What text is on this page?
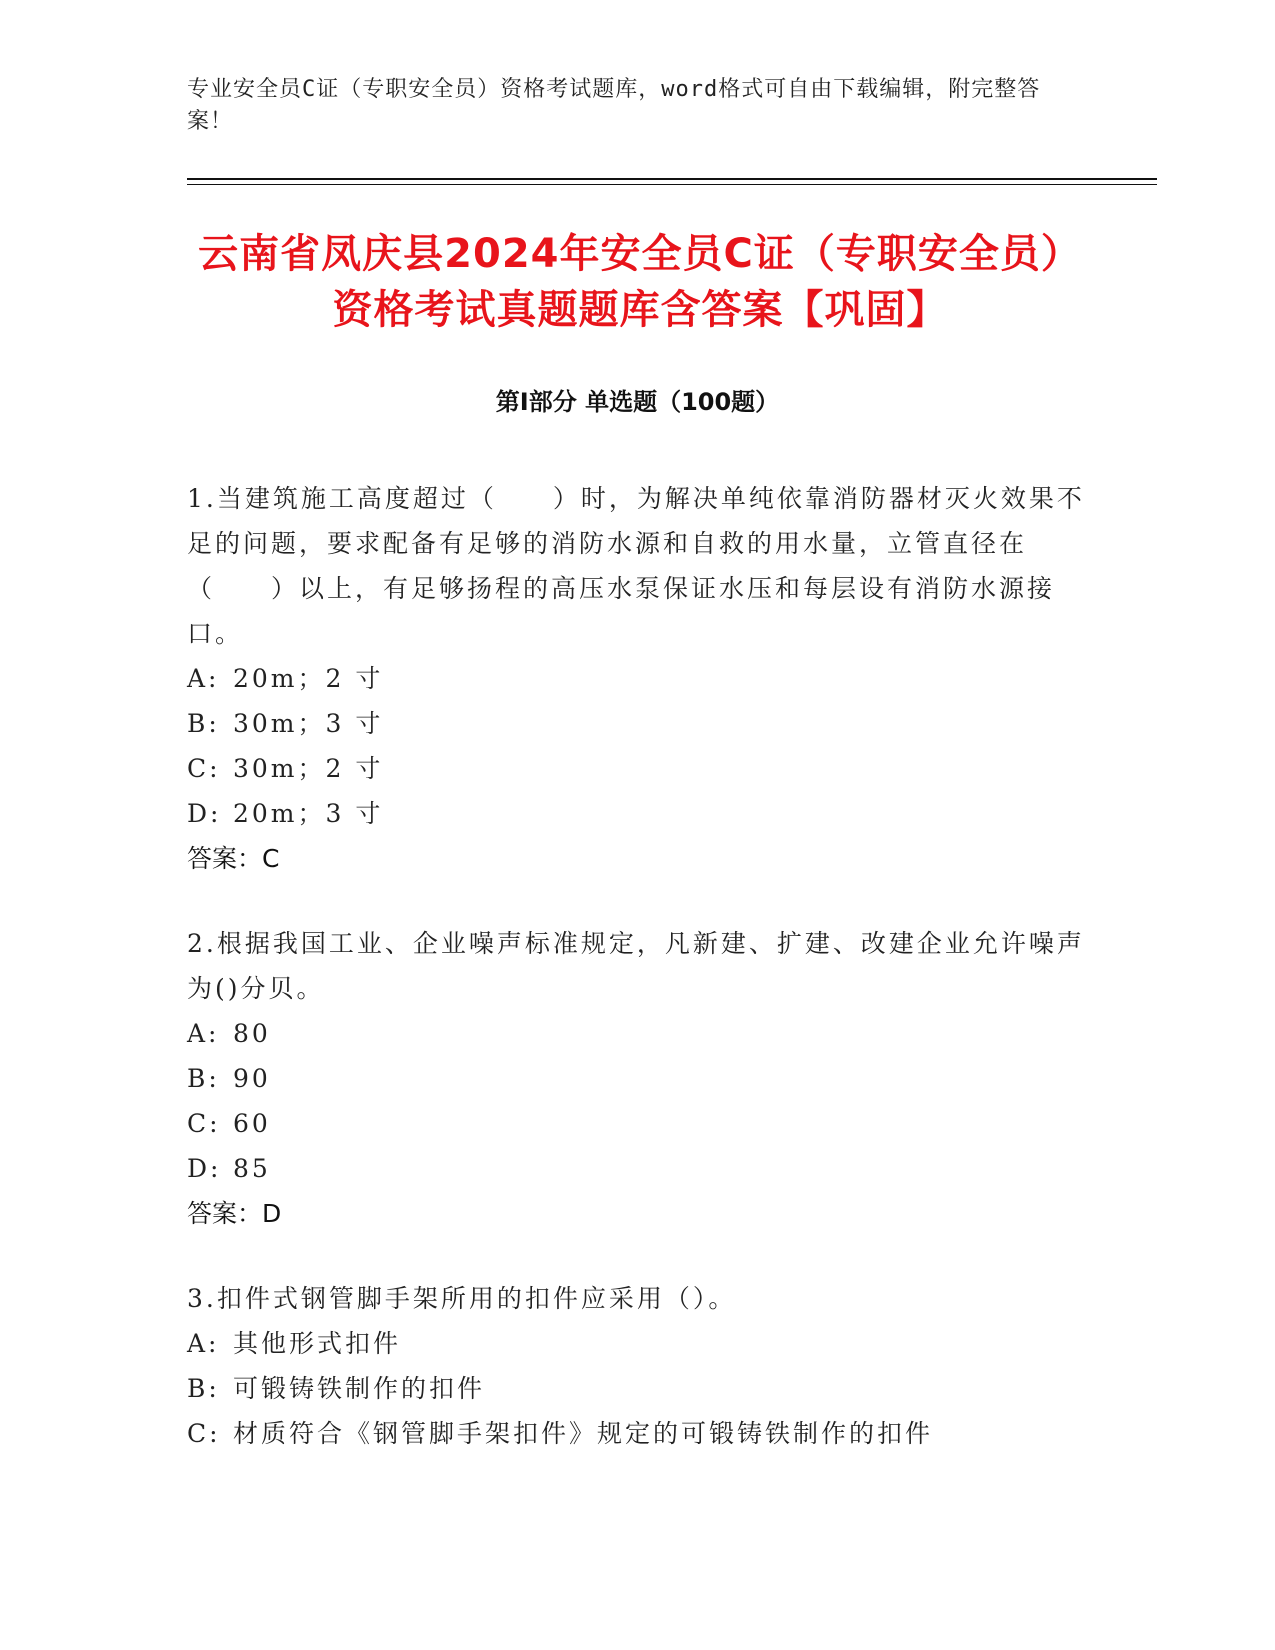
专业安全员C证（专职安全员）资格考试题库，word格式可自由下载编辑，附完整答案！
云南省凤庆县2024年安全员C证（专职安全员）资格考试真题题库含答案【巩固】
第I部分 单选题（100题）

1.当建筑施工高度超过（　　）时，为解决单纯依靠消防器材灭火效果不足的问题，要求配备有足够的消防水源和自救的用水量，立管直径在（　　）以上，有足够扬程的高压水泵保证水压和每层设有消防水源接口。

A: 20m；2 寸
B: 30m；3 寸
C: 30m；2 寸
D: 20m；3 寸
答案：C

2.根据我国工业、企业噪声标准规定，凡新建、扩建、改建企业允许噪声为()分贝。

A: 80
B: 90
C: 60
D: 85
答案：D

3.扣件式钢管脚手架所用的扣件应采用（）。

A: 其他形式扣件
B: 可锻铸铁制作的扣件
C: 材质符合《钢管脚手架扣件》规定的可锻铸铁制作的扣件
